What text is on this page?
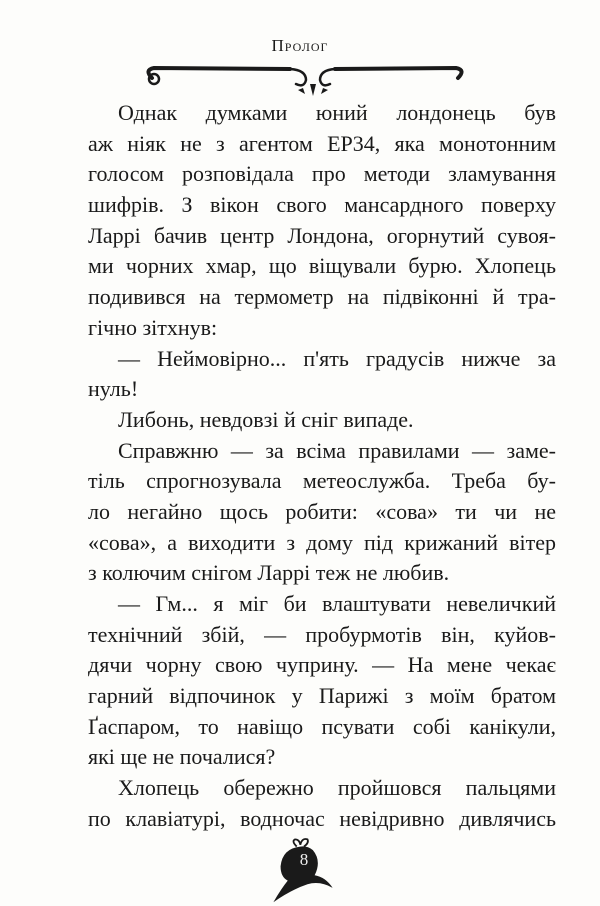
Пролог
Однак думками юний лондонець був
аж ніяк не з агентом ЕР34, яка монотонним
голосом розповідала про методи зламування
шифрів. З вікон свого мансардного поверху
Ларрі бачив центр Лондона, огорнутий сувоя-
ми чорних хмар, що віщували бурю. Хлопець
подивився на термометр на підвіконні й тра-
гічно зітхнув:
— Неймовірно... п'ять градусів нижче за
нуль!
Либонь, невдовзі й сніг випаде.
Справжню — за всіма правилами — заме-
тіль спрогнозувала метеослужба. Треба бу-
ло негайно щось робити: «сова» ти чи не
«сова», а виходити з дому під крижаний вітер
з колючим снігом Ларрі теж не любив.
— Гм... я міг би влаштувати невеличкий
технічний збій, — пробурмотів він, куйов-
дячи чорну свою чуприну. — На мене чекає
гарний відпочинок у Парижі з моїм братом
Ґаспаром, то навіщо псувати собі канікули,
які ще не почалися?
Хлопець обережно пройшовся пальцями
по клавіатурі, водночас невідривно дивлячись
8
